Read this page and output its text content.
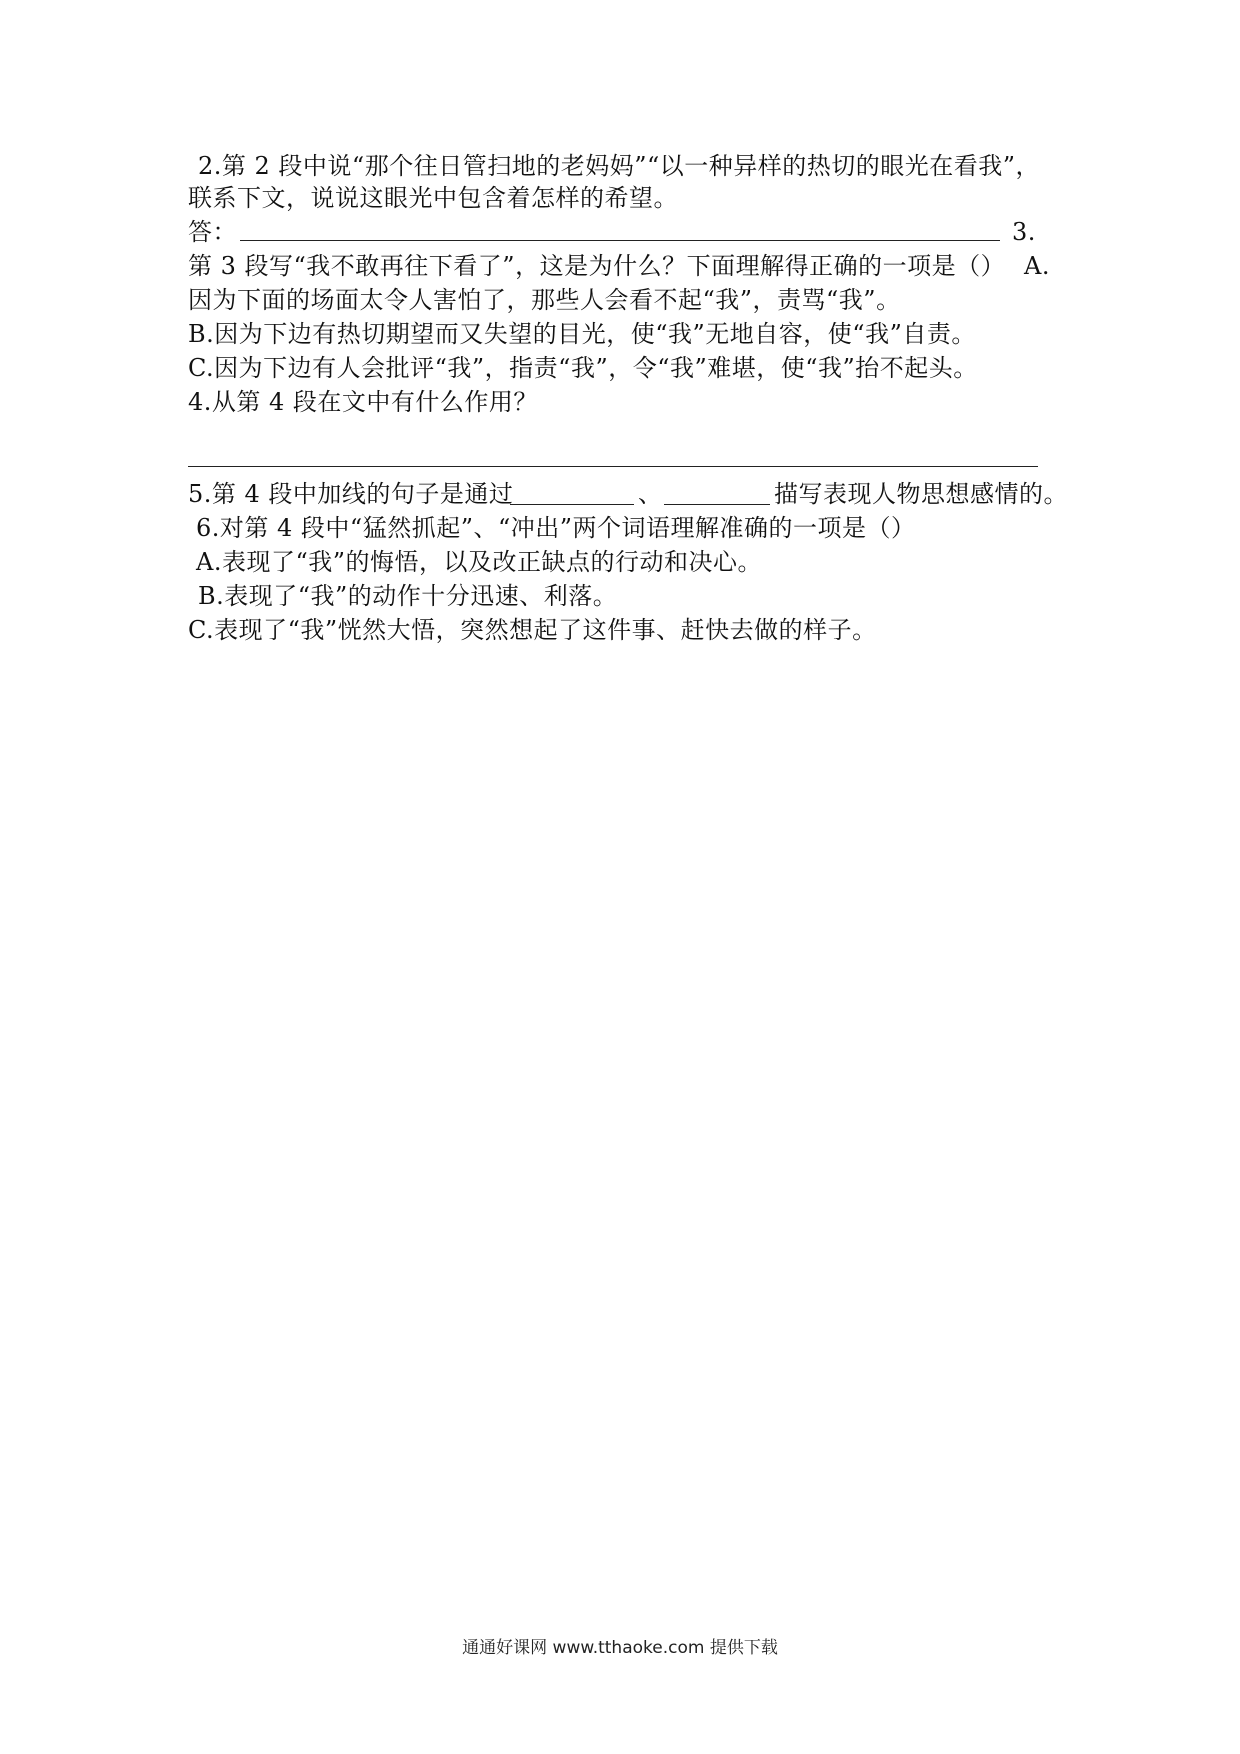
2.第 2 段中说“那个往日管扫地的老妈妈”“以一种异样的热切的眼光在看我”，
联系下文，说说这眼光中包含着怎样的希望。
答：	3.
第 3 段写“我不敢再往下看了”，这是为什么？下面理解得正确的一项是（） A.
因为下面的场面太令人害怕了，那些人会看不起“我”，责骂“我”。
B.因为下边有热切期望而又失望的目光，使“我”无地自容，使“我”自责。
C.因为下边有人会批评“我”，指责“我”，令“我”难堪，使“我”抬不起头。
4.从第 4 段在文中有什么作用？
5.第 4 段中加线的句子是通过	、	描写表现人物思想感情的。
6.对第 4 段中“猛然抓起”、“冲出”两个词语理解准确的一项是（）
A.表现了“我”的悔悟，以及改正缺点的行动和决心。
B.表现了“我”的动作十分迅速、利落。
C.表现了“我”恍然大悟，突然想起了这件事、赶快去做的样子。
通通好课网 www.tthaoke.com 提供下载
